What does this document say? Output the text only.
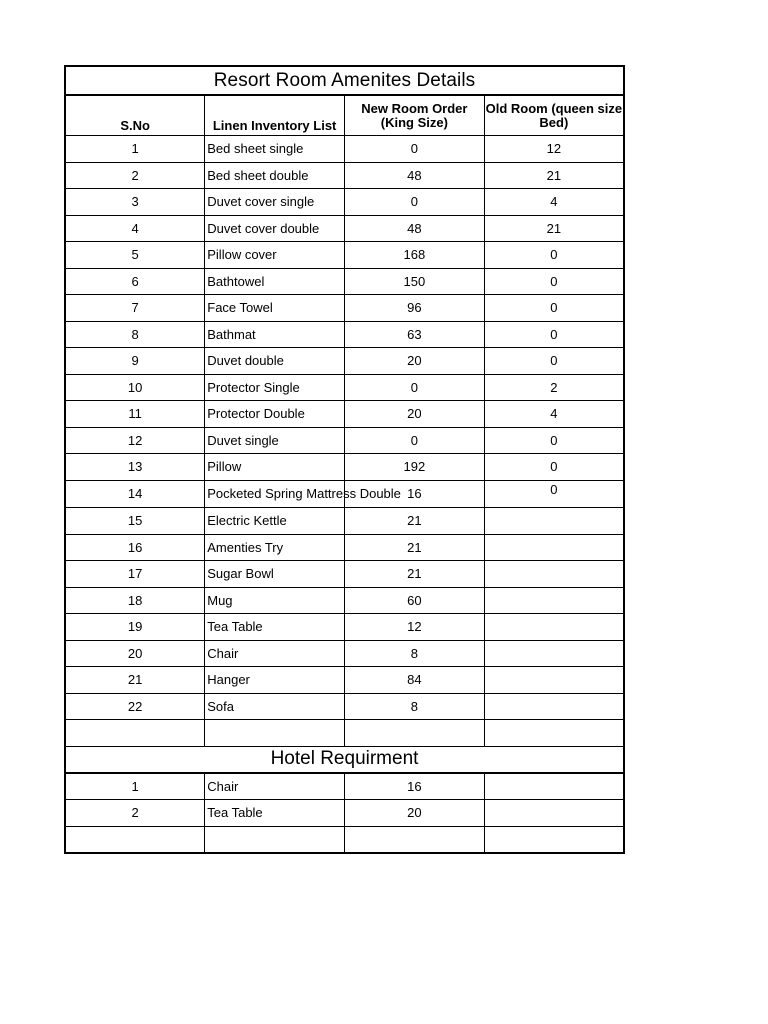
Resort Room Amenites Details			
S.No	Linen Inventory List	New Room Order (King Size)	Old Room (queen size Bed)
1	Bed sheet single	0	12
2	Bed sheet double	48	21
3	Duvet cover single	0	4
4	Duvet cover double	48	21
5	Pillow cover	168	0
6	Bathtowel	150	0
7	Face Towel	96	0
8	Bathmat	63	0
9	Duvet double	20	0
10	Protector Single	0	2
11	Protector Double	20	4
12	Duvet single	0	0
13	Pillow	192	0
14	Pocketed Spring Mattress Double	16	0
15	Electric Kettle	21	
16	Amenties Try	21	
17	Sugar Bowl	21	
18	Mug	60	
19	Tea Table	12	
20	Chair	8	
21	Hanger	84	
22	Sofa	8	

Hotel Requirment			
1	Chair	16	
2	Tea Table	20	
